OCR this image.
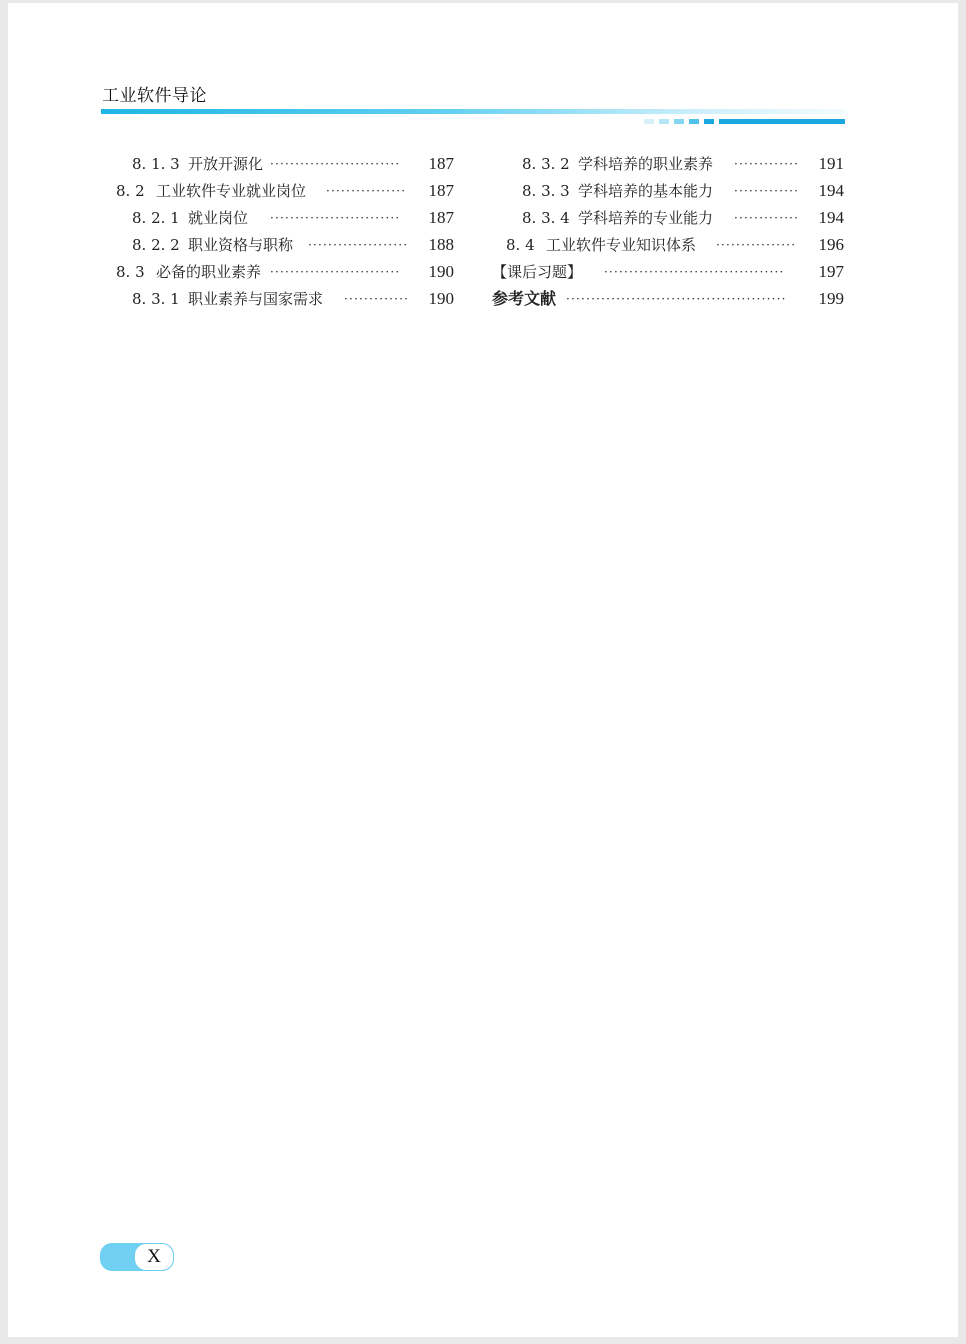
工业软件导论
8. 1. 3 开放开源化 ··························	187
8. 2 工业软件专业就业岗位 ················	187
8. 2. 1 就业岗位 ··························	187
8. 2. 2 职业资格与职称 ····················	188
8. 3 必备的职业素养 ··························	190
8. 3. 1 职业素养与国家需求 ·············	190
8. 3. 2 学科培养的职业素养 ·············	191
8. 3. 3 学科培养的基本能力 ·············	194
8. 3. 4 学科培养的专业能力 ·············	194
8. 4 工业软件专业知识体系 ················	196
【课后习题】 ····································	197
参考文献 ············································	199
X
